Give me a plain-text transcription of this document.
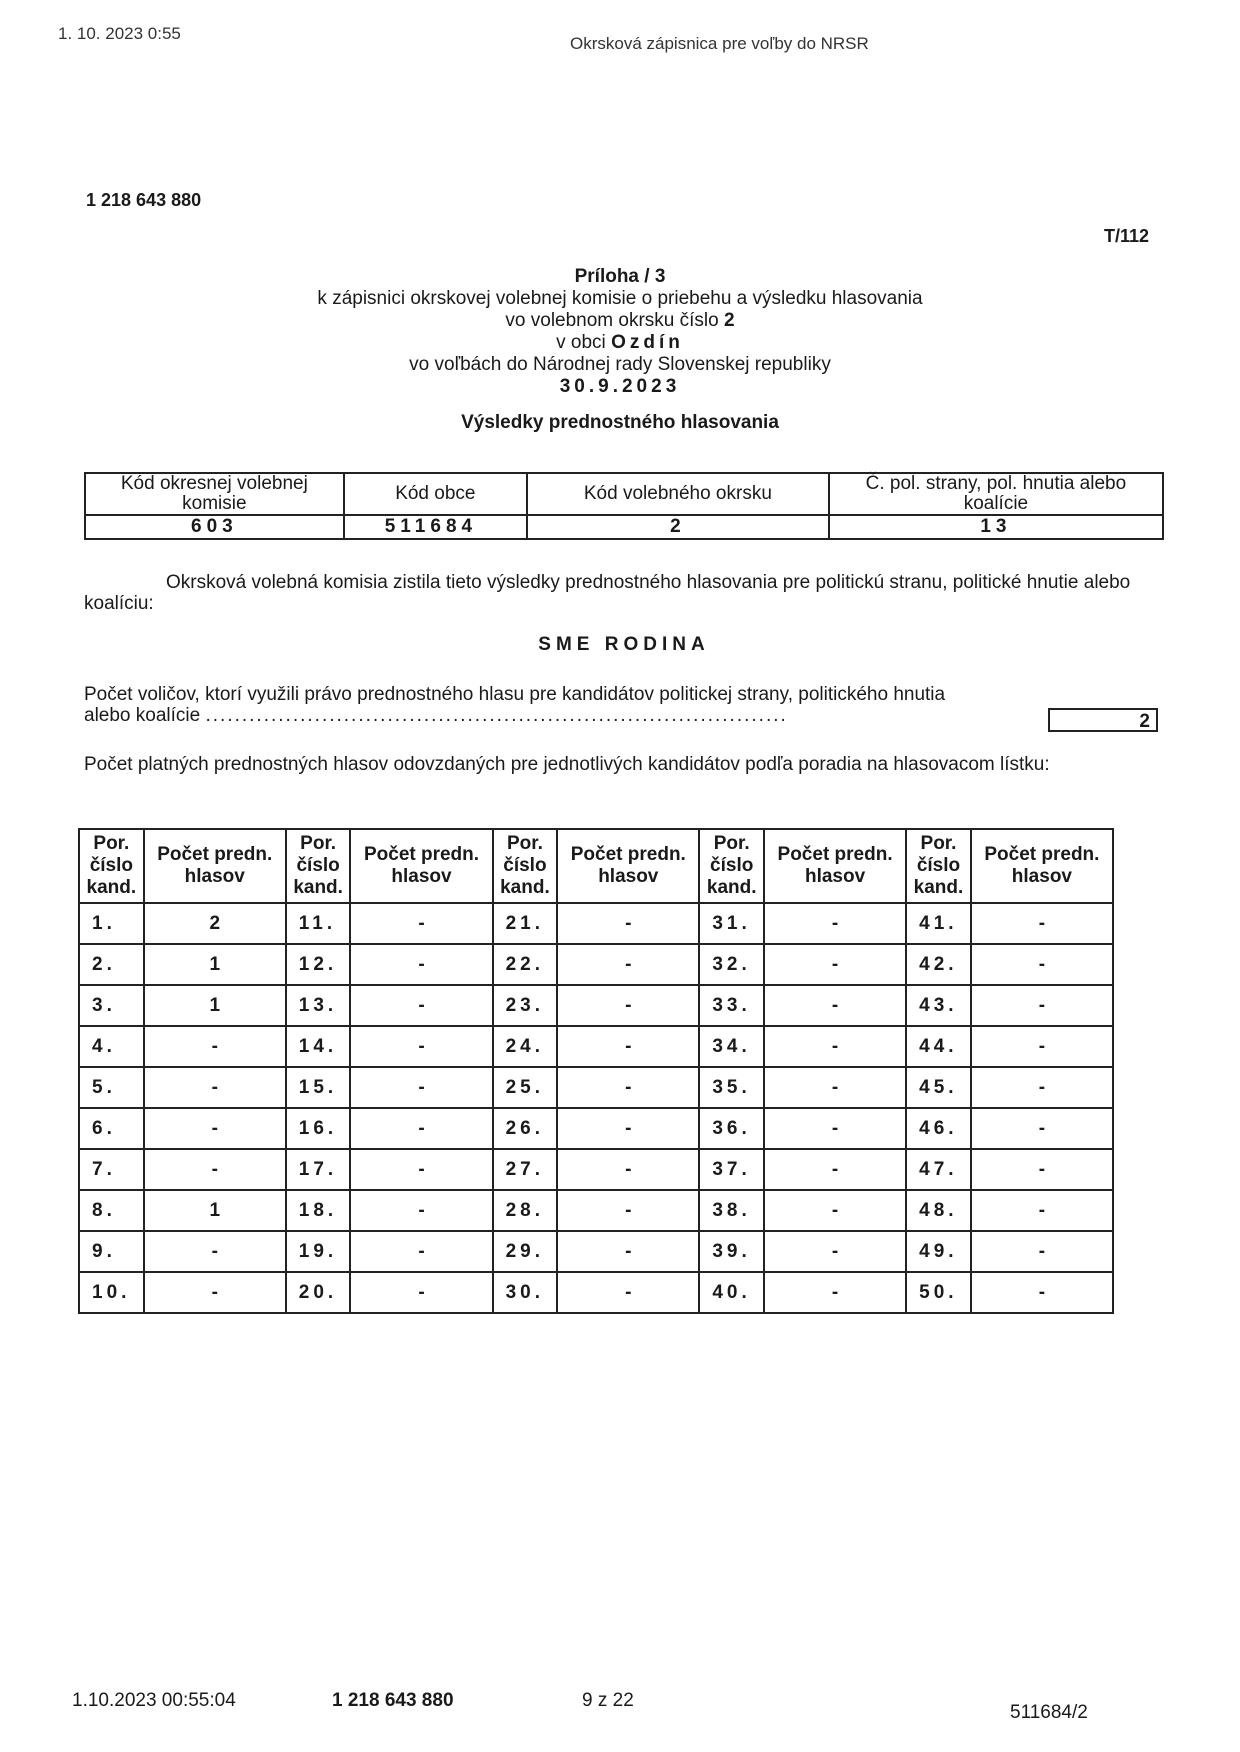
1. 10. 2023 0:55
Okrsková zápisnica pre voľby do NRSR
1 218 643 880
T/112
Príloha / 3
k zápisnici okrskovej volebnej komisie o priebehu a výsledku hlasovania
vo volebnom okrsku číslo 2
v obci Ozdín
vo voľbách do Národnej rady Slovenskej republiky
30.9.2023
Výsledky prednostného hlasovania
Kód okresnej volebnej komisie	Kód obce	Kód volebného okrsku	Č. pol. strany, pol. hnutia alebo koalície
603	511684	2	13
Okrsková volebná komisia zistila tieto výsledky prednostného hlasovania pre politickú stranu, politické hnutie alebo koalíciu:
SME RODINA
Počet voličov, ktorí využili právo prednostného hlasu pre kandidátov politickej strany, politického hnutia
alebo koalície ................................................................................	2
Počet platných prednostných hlasov odovzdaných pre jednotlivých kandidátov podľa poradia na hlasovacom lístku:
Por. číslo kand.	Počet predn. hlasov	Por. číslo kand.	Počet predn. hlasov	Por. číslo kand.	Počet predn. hlasov	Por. číslo kand.	Počet predn. hlasov	Por. číslo kand.	Počet predn. hlasov
1.	2	11.	-	21.	-	31.	-	41.	-
2.	1	12.	-	22.	-	32.	-	42.	-
3.	1	13.	-	23.	-	33.	-	43.	-
4.	-	14.	-	24.	-	34.	-	44.	-
5.	-	15.	-	25.	-	35.	-	45.	-
6.	-	16.	-	26.	-	36.	-	46.	-
7.	-	17.	-	27.	-	37.	-	47.	-
8.	1	18.	-	28.	-	38.	-	48.	-
9.	-	19.	-	29.	-	39.	-	49.	-
10.	-	20.	-	30.	-	40.	-	50.	-
1.10.2023 00:55:04	1 218 643 880	9 z 22
511684/2
